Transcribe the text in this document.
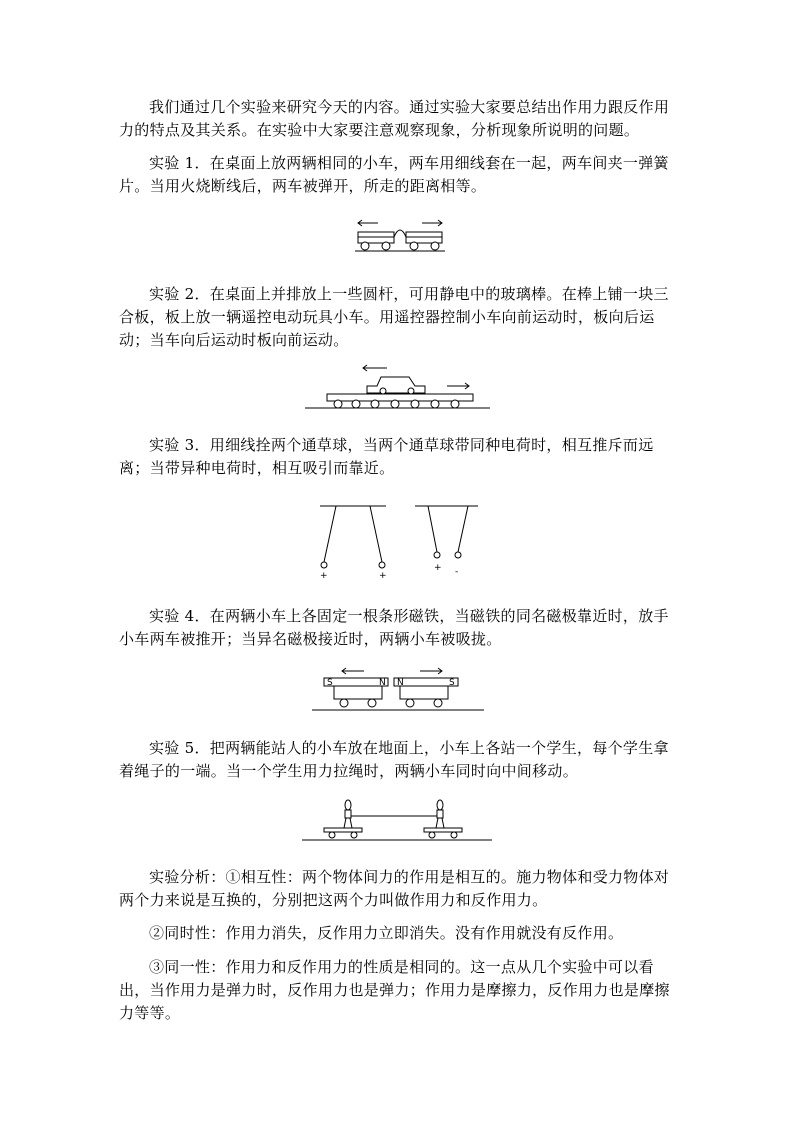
我们通过几个实验来研究今天的内容。通过实验大家要总结出作用力跟反作用力的特点及其关系。在实验中大家要注意观察现象，分析现象所说明的问题。

实验 1．在桌面上放两辆相同的小车，两车用细线套在一起，两车间夹一弹簧片。当用火烧断线后，两车被弹开，所走的距离相等。

实验 2．在桌面上并排放上一些圆杆，可用静电中的玻璃棒。在棒上铺一块三合板，板上放一辆遥控电动玩具小车。用遥控器控制小车向前运动时，板向后运动；当车向后运动时板向前运动。

实验 3．用细线拴两个通草球，当两个通草球带同种电荷时，相互推斥而远离；当带异种电荷时，相互吸引而靠近。

+	+
+ -

实验 4．在两辆小车上各固定一根条形磁铁，当磁铁的同名磁极靠近时，放手小车两车被推开；当异名磁极接近时，两辆小车被吸拢。

S	N N	S

实验 5．把两辆能站人的小车放在地面上，小车上各站一个学生，每个学生拿着绳子的一端。当一个学生用力拉绳时，两辆小车同时向中间移动。

实验分析：①相互性：两个物体间力的作用是相互的。施力物体和受力物体对两个力来说是互换的，分别把这两个力叫做作用力和反作用力。

②同时性：作用力消失，反作用力立即消失。没有作用就没有反作用。

③同一性：作用力和反作用力的性质是相同的。这一点从几个实验中可以看出，当作用力是弹力时，反作用力也是弹力；作用力是摩擦力，反作用力也是摩擦力等等。
